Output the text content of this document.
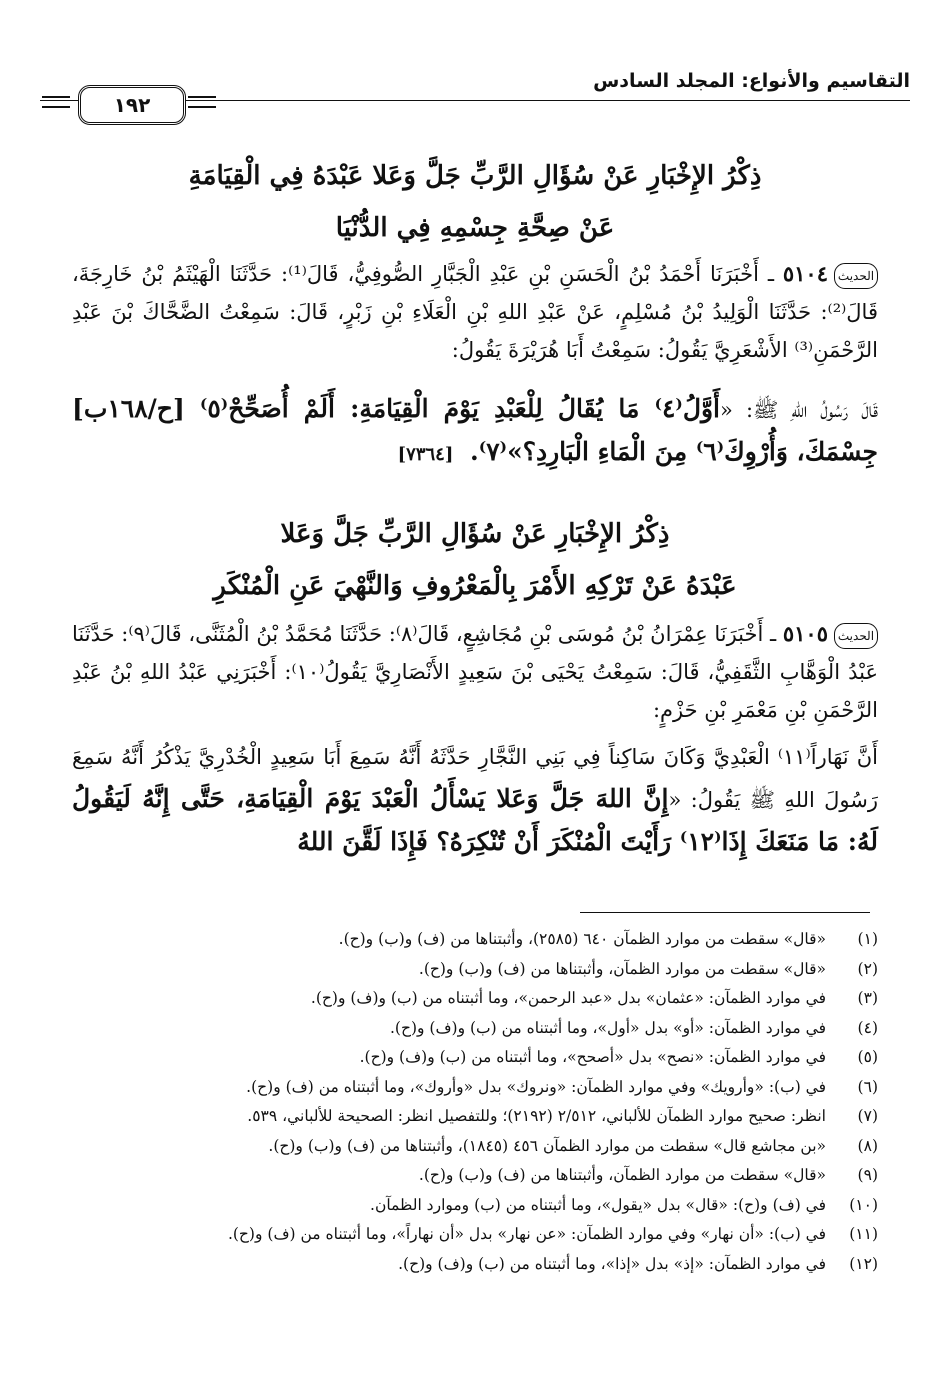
التقاسيم والأنواع: المجلد السادس
١٩٢
ذِكْرُ الإِخْبَارِ عَنْ سُؤَالِ الرَّبِّ جَلَّ وَعَلا عَبْدَهُ فِي الْقِيَامَةِ
عَنْ صِحَّةِ جِسْمِهِ فِي الدُّنْيَا
الحديث٥١٠٤ ـ أَخْبَرَنَا أَحْمَدُ بْنُ الْحَسَنِ بْنِ عَبْدِ الْجَبَّارِ الصُّوفِيُّ، قَالَ⁽¹⁾: حَدَّثَنَا الْهَيْثَمُ بْنُ خَارِجَةَ، قَالَ⁽²⁾: حَدَّثَنَا الْوَلِيدُ بْنُ مُسْلِمٍ، عَنْ عَبْدِ اللهِ بْنِ الْعَلَاءِ بْنِ زَبْرٍ، قَالَ: سَمِعْتُ الضَّحَّاكَ بْنَ عَبْدِ الرَّحْمَنِ⁽³⁾ الأَشْعَرِيَّ يَقُولُ: سَمِعْتُ أَبَا هُرَيْرَةَ يَقُولُ:
قَالَ رَسُولُ اللهِ ﷺ: «أَوَّلُ⁽٤⁾ مَا يُقَالُ لِلْعَبْدِ يَوْمَ الْقِيَامَةِ: أَلَمْ أُصَحِّحْ⁽٥⁾ [ح/١٦٨ب] جِسْمَكَ، وَأُرْوِكَ⁽٦⁾ مِنَ الْمَاءِ الْبَارِدِ؟»⁽٧⁾. [٧٣٦٤]
ذِكْرُ الإِخْبَارِ عَنْ سُؤَالِ الرَّبِّ جَلَّ وَعَلا
عَبْدَهُ عَنْ تَرْكِهِ الأَمْرَ بِالْمَعْرُوفِ وَالنَّهْيَ عَنِ الْمُنْكَرِ
الحديث٥١٠٥ ـ أَخْبَرَنَا عِمْرَانُ بْنُ مُوسَى بْنِ مُجَاشِعٍ، قَالَ⁽٨⁾: حَدَّثَنَا مُحَمَّدُ بْنُ الْمُثَنَّى، قَالَ⁽٩⁾: حَدَّثَنَا عَبْدُ الْوَهَّابِ الثَّقَفِيُّ، قَالَ: سَمِعْتُ يَحْيَى بْنَ سَعِيدٍ الأَنْصَارِيَّ يَقُولُ⁽١٠⁾: أَخْبَرَنِي عَبْدُ اللهِ بْنُ عَبْدِ الرَّحْمَنِ بْنِ مَعْمَرِ بْنِ حَزْمٍ:
أَنَّ نَهَاراً⁽١١⁾ الْعَبْدِيَّ وَكَانَ سَاكِناً فِي بَنِي النَّجَّارِ حَدَّثَهُ أَنَّهُ سَمِعَ أَبَا سَعِيدٍ الْخُدْرِيَّ يَذْكُرُ أَنَّهُ سَمِعَ رَسُولَ اللهِ ﷺ يَقُولُ: «إِنَّ اللهَ جَلَّ وَعَلا يَسْأَلُ الْعَبْدَ يَوْمَ الْقِيَامَةِ، حَتَّى إِنَّهُ لَيَقُولُ لَهُ: مَا مَنَعَكَ إِذَا⁽١٢⁾ رَأَيْتَ الْمُنْكَرَ أَنْ تُنْكِرَهُ؟ فَإِذَا لَقَّنَ اللهُ
(١)«قال» سقطت من موارد الظمآن ٦٤٠ (٢٥٨٥)، وأثبتناها من (ف) و(ب) و(ح).
(٢)«قال» سقطت من موارد الظمآن، وأثبتناها من (ف) و(ب) و(ح).
(٣)في موارد الظمآن: «عثمان» بدل «عبد الرحمن»، وما أثبتناه من (ب) و(ف) و(ح).
(٤)في موارد الظمآن: «أو» بدل «أول»، وما أثبتناه من (ب) و(ف) و(ح).
(٥)في موارد الظمآن: «نصح» بدل «أصحح»، وما أثبتناه من (ب) و(ف) و(ح).
(٦)في (ب): «وأرويك» وفي موارد الظمآن: «ونروك» بدل «وأروك»، وما أثبتناه من (ف) و(ح).
(٧)انظر: صحيح موارد الظمآن للألباني، ٢/٥١٢ (٢١٩٢)؛ وللتفصيل انظر: الصحيحة للألباني، ٥٣٩.
(٨)«بن مجاشع قال» سقطت من موارد الظمآن ٤٥٦ (١٨٤٥)، وأثبتناها من (ف) و(ب) و(ح).
(٩)«قال» سقطت من موارد الظمآن، وأثبتناها من (ف) و(ب) و(ح).
(١٠)في (ف) و(ح): «قال» بدل «يقول»، وما أثبتناه من (ب) وموارد الظمآن.
(١١)في (ب): «أن نهار» وفي موارد الظمآن: «عن نهار» بدل «أن نهاراً»، وما أثبتناه من (ف) و(ح).
(١٢)في موارد الظمآن: «إذ» بدل «إذا»، وما أثبتناه من (ب) و(ف) و(ح).
